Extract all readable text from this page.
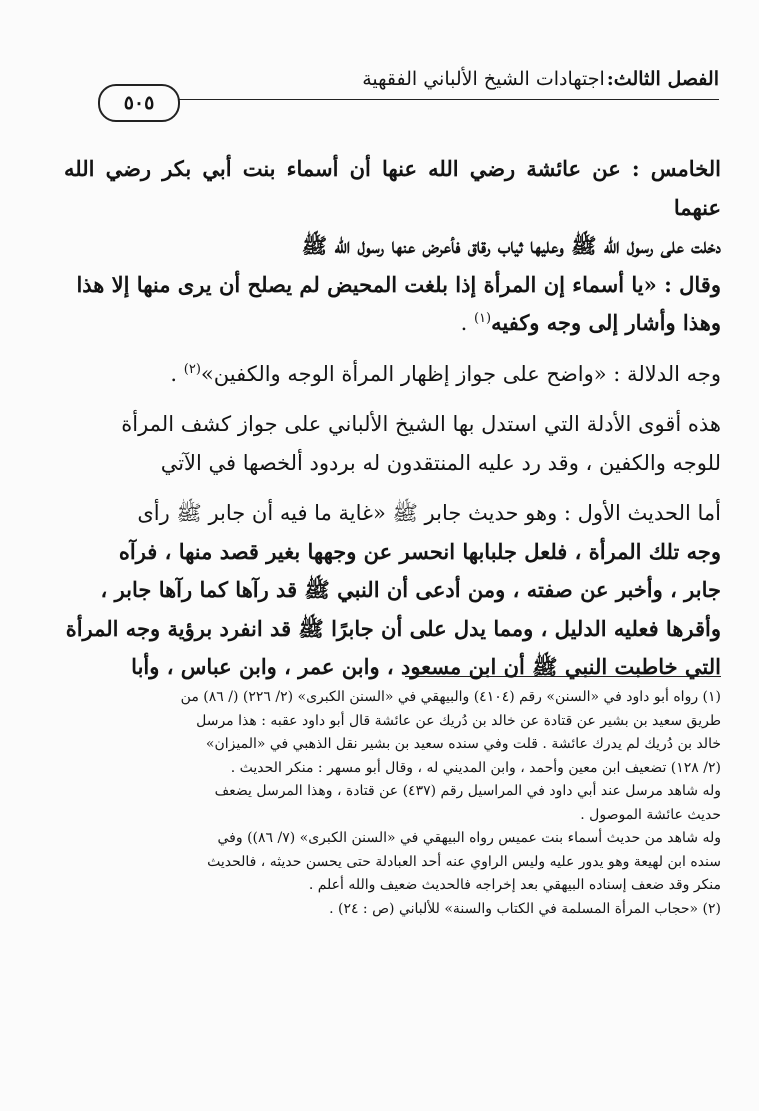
الفصل الثالث:
اجتهادات الشيخ الألباني الفقهية
٥٠٥

الخامس : عن عائشة رضي الله عنها أن أسماء بنت أبي بكر رضي الله عنهما
دخلت على رسول الله ﷺ وعليها ثياب رقاق فأعرض عنها رسول الله ﷺ
وقال : «يا أسماء إن المرأة إذا بلغت المحيض لم يصلح أن يرى منها إلا هذا
وهذا وأشار إلى وجه وكفيه$^{(١)}$ .

وجه الدلالة : «واضح على جواز إظهار المرأة الوجه والكفين»$^{(٢)}$ .

هذه أقوى الأدلة التي استدل بها الشيخ الألباني على جواز كشف المرأة
للوجه والكفين ، وقد رد عليه المنتقدون له بردود ألخصها في الآتي

أما الحديث الأول : وهو حديث جابر ﷺ «غاية ما فيه أن جابر ﷺ رأى
وجه تلك المرأة ، فلعل جلبابها انحسر عن وجهها بغير قصد منها ، فرآه
جابر ، وأخبر عن صفته ، ومن أدعى أن النبي ﷺ قد رآها كما رآها جابر ،
وأقرها فعليه الدليل ، ومما يدل على أن جابرًا ﷺ قد انفرد برؤية وجه المرأة
التي خاطبت النبي ﷺ أن ابن مسعود ، وابن عمر ، وابن عباس ، وأبا

(١) رواه أبو داود في «السنن» رقم (٤١٠٤) والبيهقي في «السنن الكبرى» (٢/ ٢٢٦) (/ ٨٦) من
طريق سعيد بن بشير عن قتادة عن خالد بن دُريك عن عائشة قال أبو داود عقبه : هذا مرسل
خالد بن دُريك لم يدرك عائشة . قلت وفي سنده سعيد بن بشير نقل الذهبي في «الميزان»
(٢/ ١٢٨) تضعيف ابن معين وأحمد ، وابن المديني له ، وقال أبو مسهر : منكر الحديث .
وله شاهد مرسل عند أبي داود في المراسيل رقم (٤٣٧) عن قتادة ، وهذا المرسل يضعف
حديث عائشة الموصول .
وله شاهد من حديث أسماء بنت عميس رواه البيهقي في «السنن الكبرى» (٧/ ٨٦)) وفي
سنده ابن لهيعة وهو يدور عليه وليس الراوي عنه أحد العبادلة حتى يحسن حديثه ، فالحديث
منكر وقد ضعف إسناده البيهقي بعد إخراجه فالحديث ضعيف والله أعلم .

(٢) «حجاب المرأة المسلمة في الكتاب والسنة» للألباني (ص : ٢٤) .
